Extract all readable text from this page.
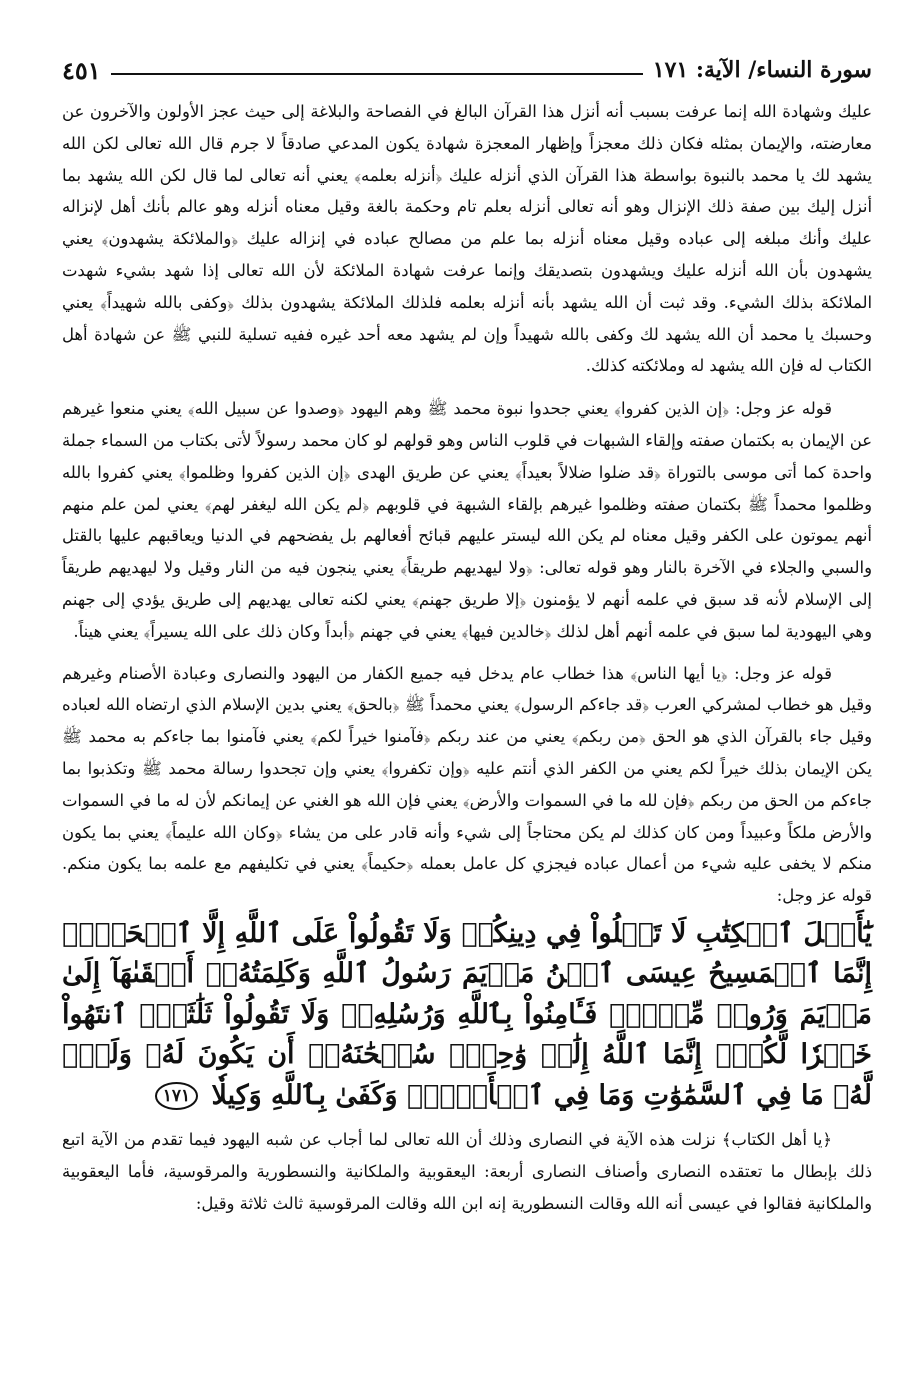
سورة النساء/ الآية: ١٧١
٤٥١

عليك وشهادة الله إنما عرفت بسبب أنه أنزل هذا القرآن البالغ في الفصاحة والبلاغة إلى حيث عجز الأولون والآخرون عن معارضته، والإيمان بمثله فكان ذلك معجزاً وإظهار المعجزة شهادة يكون المدعي صادقاً لا جرم قال الله تعالى لكن الله يشهد لك يا محمد بالنبوة بواسطة هذا القرآن الذي أنزله عليك ﴿أنزله بعلمه﴾ يعني أنه تعالى لما قال لكن الله يشهد بما أنزل إليك بين صفة ذلك الإنزال وهو أنه تعالى أنزله بعلم تام وحكمة بالغة وقيل معناه أنزله وهو عالم بأنك أهل لإنزاله عليك وأنك مبلغه إلى عباده وقيل معناه أنزله بما علم من مصالح عباده في إنزاله عليك ﴿والملائكة يشهدون﴾ يعني يشهدون بأن الله أنزله عليك ويشهدون بتصديقك وإنما عرفت شهادة الملائكة لأن الله تعالى إذا شهد بشيء شهدت الملائكة بذلك الشيء. وقد ثبت أن الله يشهد بأنه أنزله بعلمه فلذلك الملائكة يشهدون بذلك ﴿وكفى بالله شهيداً﴾ يعني وحسبك يا محمد أن الله يشهد لك وكفى بالله شهيداً وإن لم يشهد معه أحد غيره ففيه تسلية للنبي ﷺ عن شهادة أهل الكتاب له فإن الله يشهد له وملائكته كذلك.

قوله عز وجل: ﴿إن الذين كفروا﴾ يعني جحدوا نبوة محمد ﷺ وهم اليهود ﴿وصدوا عن سبيل الله﴾ يعني منعوا غيرهم عن الإيمان به بكتمان صفته وإلقاء الشبهات في قلوب الناس وهو قولهم لو كان محمد رسولاً لأتى بكتاب من السماء جملة واحدة كما أتى موسى بالتوراة ﴿قد ضلوا ضلالاً بعيداً﴾ يعني عن طريق الهدى ﴿إن الذين كفروا وظلموا﴾ يعني كفروا بالله وظلموا محمداً ﷺ بكتمان صفته وظلموا غيرهم بإلقاء الشبهة في قلوبهم ﴿لم يكن الله ليغفر لهم﴾ يعني لمن علم منهم أنهم يموتون على الكفر وقيل معناه لم يكن الله ليستر عليهم قبائح أفعالهم بل يفضحهم في الدنيا ويعاقبهم عليها بالقتل والسبي والجلاء في الآخرة بالنار وهو قوله تعالى: ﴿ولا ليهديهم طريقاً﴾ يعني ينجون فيه من النار وقيل ولا ليهديهم طريقاً إلى الإسلام لأنه قد سبق في علمه أنهم لا يؤمنون ﴿إلا طريق جهنم﴾ يعني لكنه تعالى يهديهم إلى طريق يؤدي إلى جهنم وهي اليهودية لما سبق في علمه أنهم أهل لذلك ﴿خالدين فيها﴾ يعني في جهنم ﴿أبداً وكان ذلك على الله يسيراً﴾ يعني هيناً.

قوله عز وجل: ﴿يا أيها الناس﴾ هذا خطاب عام يدخل فيه جميع الكفار من اليهود والنصارى وعبادة الأصنام وغيرهم وقيل هو خطاب لمشركي العرب ﴿قد جاءكم الرسول﴾ يعني محمداً ﷺ ﴿بالحق﴾ يعني بدين الإسلام الذي ارتضاه الله لعباده وقيل جاء بالقرآن الذي هو الحق ﴿من ربكم﴾ يعني من عند ربكم ﴿فآمنوا خيراً لكم﴾ يعني فآمنوا بما جاءكم به محمد ﷺ يكن الإيمان بذلك خيراً لكم يعني من الكفر الذي أنتم عليه ﴿وإن تكفروا﴾ يعني وإن تجحدوا رسالة محمد ﷺ وتكذبوا بما جاءكم من الحق من ربكم ﴿فإن لله ما في السموات والأرض﴾ يعني فإن الله هو الغني عن إيمانكم لأن له ما في السموات والأرض ملكاً وعبيداً ومن كان كذلك لم يكن محتاجاً إلى شيء وأنه قادر على من يشاء ﴿وكان الله عليماً﴾ يعني بما يكون منكم لا يخفى عليه شيء من أعمال عباده فيجزي كل عامل بعمله ﴿حكيماً﴾ يعني في تكليفهم مع علمه بما يكون منكم. قوله عز وجل:

يَٰٓأَهۡلَ ٱلۡكِتَٰبِ لَا تَغۡلُواْ فِي دِينِكُمۡ وَلَا تَقُولُواْ عَلَى ٱللَّهِ إِلَّا ٱلۡحَقَّۚ إِنَّمَا ٱلۡمَسِيحُ عِيسَى ٱبۡنُ مَرۡيَمَ رَسُولُ ٱللَّهِ وَكَلِمَتُهُۥٓ أَلۡقَىٰهَآ إِلَىٰ مَرۡيَمَ وَرُوحٞ مِّنۡهُۖ فَـَٔامِنُواْ بِٱللَّهِ وَرُسُلِهِۦۖ وَلَا تَقُولُواْ ثَلَٰثَةٌۚ ٱنتَهُواْ خَيۡرٗا لَّكُمۡۚ إِنَّمَا ٱللَّهُ إِلَٰهٞ وَٰحِدٞۖ سُبۡحَٰنَهُۥٓ أَن يَكُونَ لَهُۥ وَلَدٞۘ لَّهُۥ مَا فِي ٱلسَّمَٰوَٰتِ وَمَا فِي ٱلۡأَرۡضِۗ وَكَفَىٰ بِٱللَّهِ وَكِيلٗا ١٧١

﴿يا أهل الكتاب﴾ نزلت هذه الآية في النصارى وذلك أن الله تعالى لما أجاب عن شبه اليهود فيما تقدم من الآية اتبع ذلك بإبطال ما تعتقده النصارى وأصناف النصارى أربعة: اليعقوبية والملكانية والنسطورية والمرقوسية، فأما اليعقوبية والملكانية فقالوا في عيسى أنه الله وقالت النسطورية إنه ابن الله وقالت المرقوسية ثالث ثلاثة وقيل:
